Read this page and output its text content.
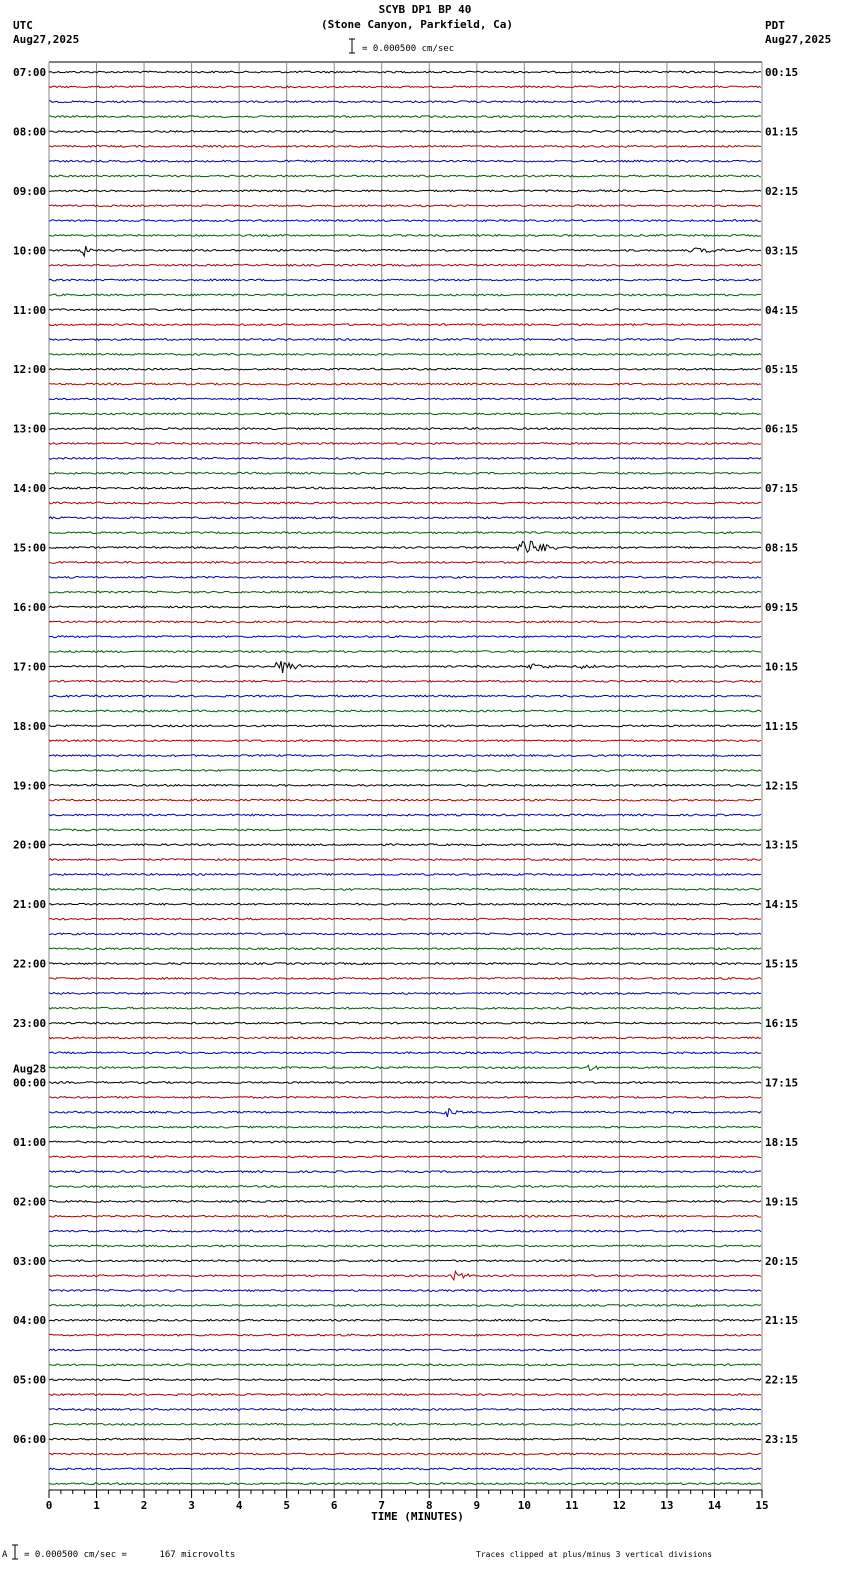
SCYB DP1 BP 40
(Stone Canyon, Parkfield, Ca)
UTC
Aug27,2025
PDT
Aug27,2025
= 0.000500 cm/sec
A = 0.000500 cm/sec =      167 microvolts	Traces clipped at plus/minus 3 vertical divisions
07:00
08:00
09:00
10:00
11:00
12:00
13:00
14:00
15:00
16:00
17:00
18:00
19:00
20:00
21:00
22:00
23:00
00:00
Aug28
01:00
02:00
03:00
04:00
05:00
06:00
00:15
01:15
02:15
03:15
04:15
05:15
06:15
07:15
08:15
09:15
10:15
11:15
12:15
13:15
14:15
15:15
16:15
17:15
18:15
19:15
20:15
21:15
22:15
23:15
0	1	2	3	4	5	6	7	8	9	10	11	12	13	14	15
TIME (MINUTES)
